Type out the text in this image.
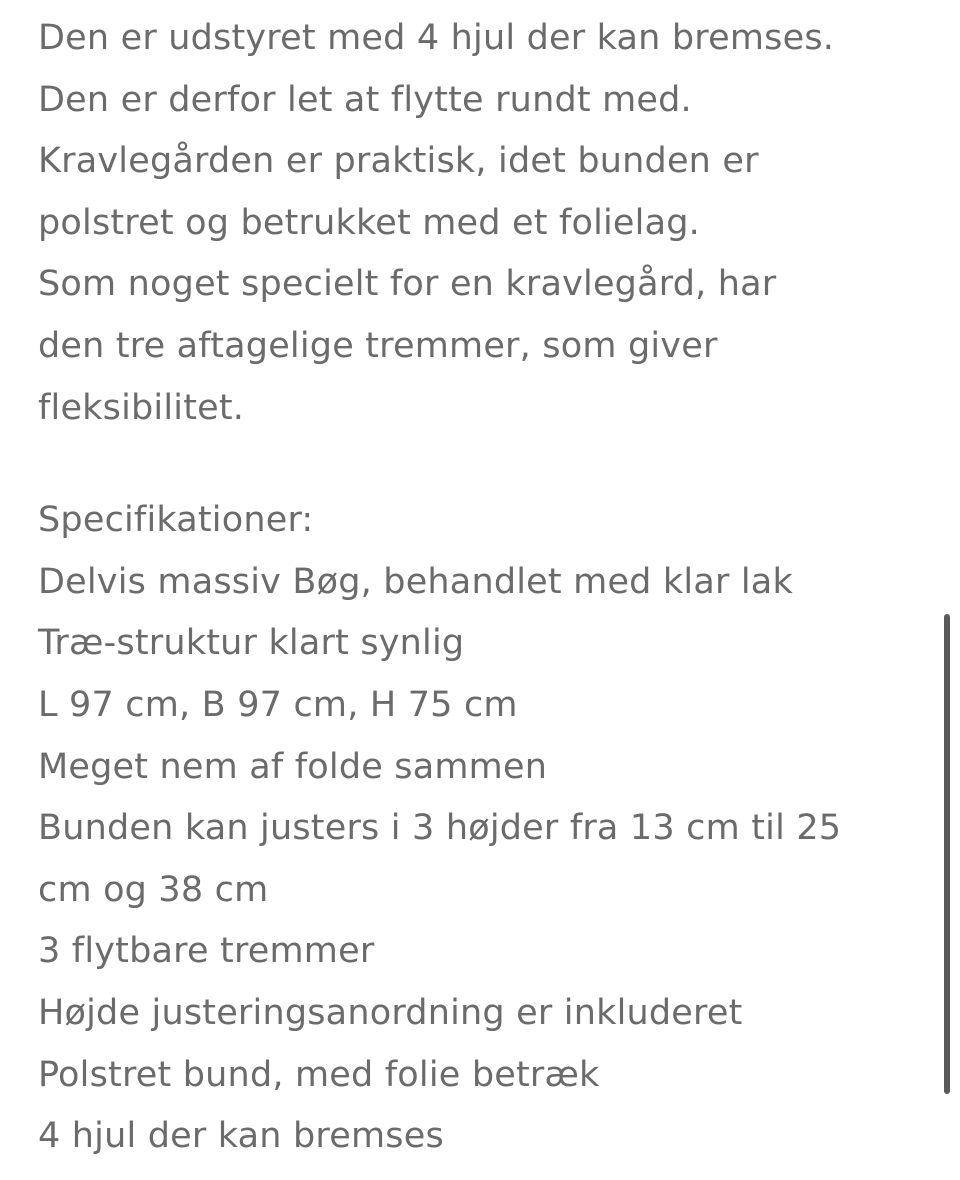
Den er udstyret med 4 hjul der kan bremses.
Den er derfor let at flytte rundt med.
Kravlegården er praktisk, idet bunden er
polstret og betrukket med et folielag.
Som noget specielt for en kravlegård, har
den tre aftagelige tremmer, som giver
fleksibilitet.
Specifikationer:
Delvis massiv Bøg, behandlet med klar lak
Træ-struktur klart synlig
L 97 cm, B 97 cm, H 75 cm
Meget nem af folde sammen
Bunden kan justers i 3 højder fra 13 cm til 25
cm og 38 cm
3 flytbare tremmer
Højde justeringsanordning er inkluderet
Polstret bund, med folie betræk
4 hjul der kan bremses
